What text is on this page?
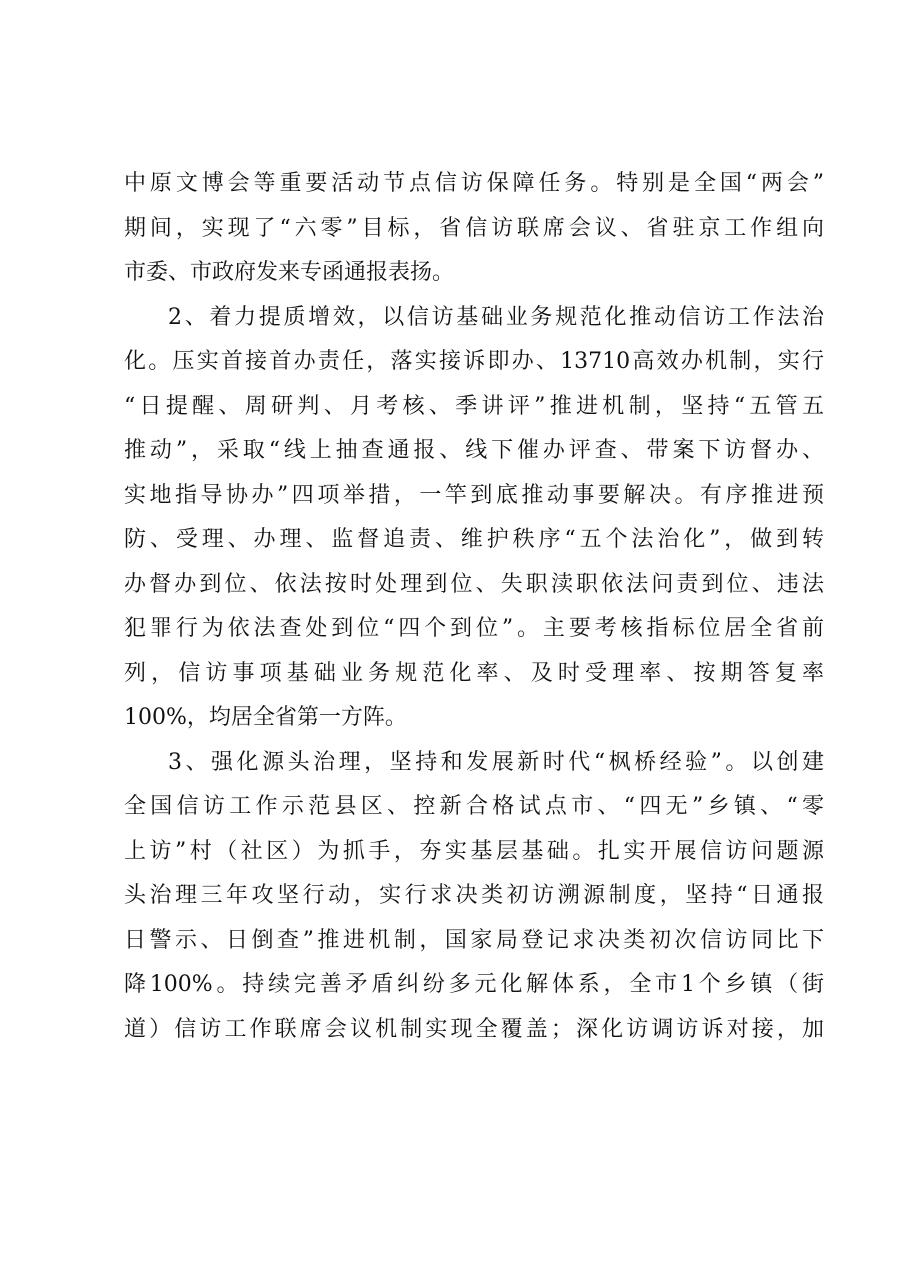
中原文博会等重要活动节点信访保障任务。特别是全国“两会”
期间，实现了“六零”目标，省信访联席会议、省驻京工作组向
市委、市政府发来专函通报表扬。
2、着力提质增效，以信访基础业务规范化推动信访工作法治
化。压实首接首办责任，落实接诉即办、13710高效办机制，实行
“日提醒、周研判、月考核、季讲评”推进机制，坚持“五管五
推动”，采取“线上抽查通报、线下催办评查、带案下访督办、
实地指导协办”四项举措，一竿到底推动事要解决。有序推进预
防、受理、办理、监督追责、维护秩序“五个法治化”，做到转
办督办到位、依法按时处理到位、失职渎职依法问责到位、违法
犯罪行为依法查处到位“四个到位”。主要考核指标位居全省前
列，信访事项基础业务规范化率、及时受理率、按期答复率
100%，均居全省第一方阵。
3、强化源头治理，坚持和发展新时代“枫桥经验”。以创建
全国信访工作示范县区、控新合格试点市、“四无”乡镇、“零
上访”村（社区）为抓手，夯实基层基础。扎实开展信访问题源
头治理三年攻坚行动，实行求决类初访溯源制度，坚持“日通报
日警示、日倒查”推进机制，国家局登记求决类初次信访同比下
降100%。持续完善矛盾纠纷多元化解体系，全市1个乡镇（街
道）信访工作联席会议机制实现全覆盖；深化访调访诉对接，加
